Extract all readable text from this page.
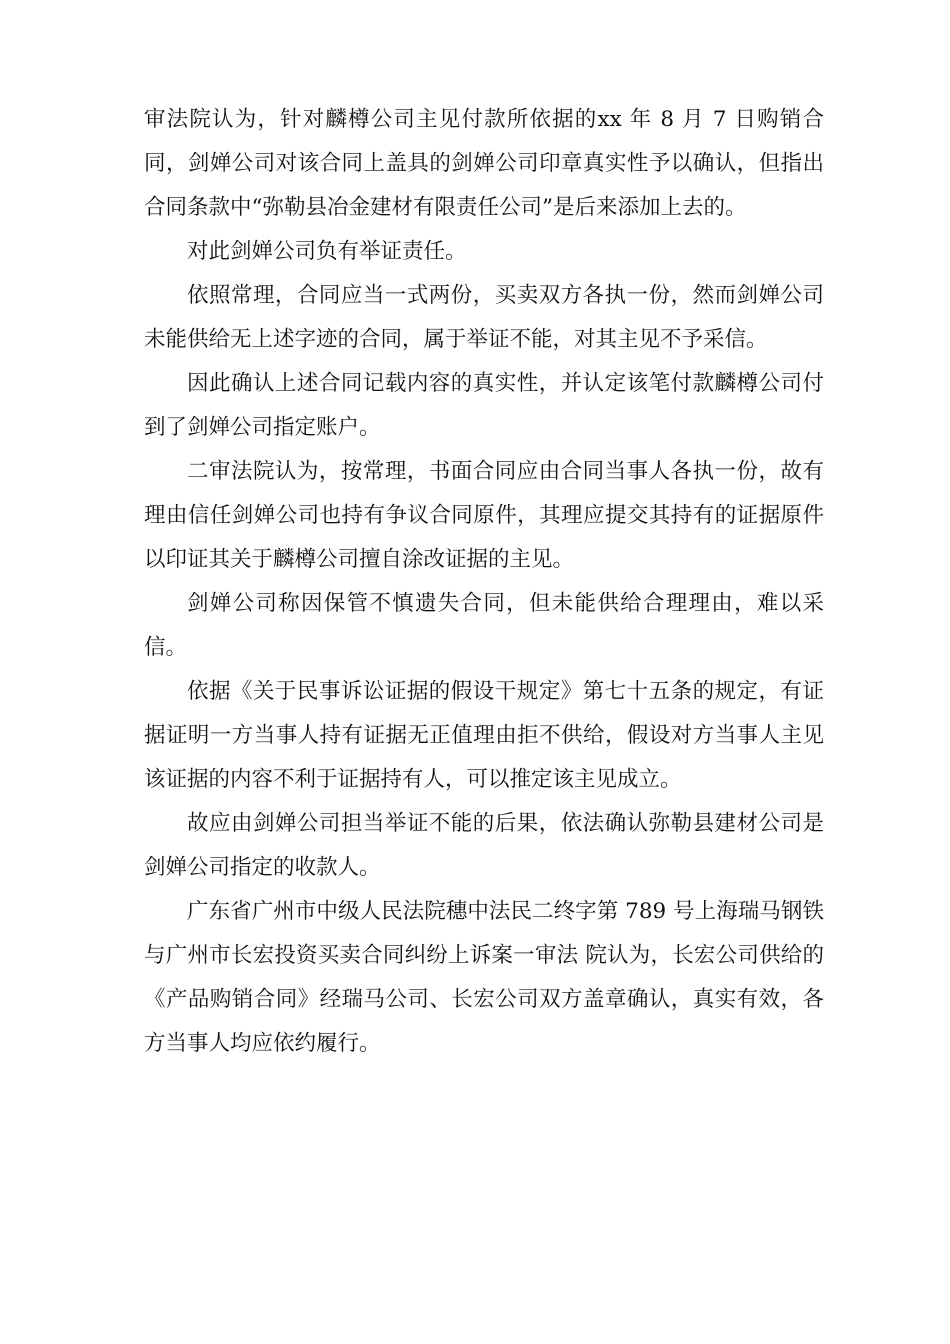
审法院认为，针对麟樽公司主见付款所依据的xx 年 8 月 7 日购销合同，剑婵公司对该合同上盖具的剑婵公司印章真实性予以确认，但指出合同条款中“弥勒县冶金建材有限责任公司”是后来添加上去的。

对此剑婵公司负有举证责任。

依照常理，合同应当一式两份，买卖双方各执一份，然而剑婵公司未能供给无上述字迹的合同，属于举证不能，对其主见不予采信。

因此确认上述合同记载内容的真实性，并认定该笔付款麟樽公司付到了剑婵公司指定账户。

二审法院认为，按常理，书面合同应由合同当事人各执一份，故有理由信任剑婵公司也持有争议合同原件，其理应提交其持有的证据原件以印证其关于麟樽公司擅自涂改证据的主见。

剑婵公司称因保管不慎遗失合同，但未能供给合理理由，难以采信。

依据《关于民事诉讼证据的假设干规定》第七十五条的规定，有证据证明一方当事人持有证据无正值理由拒不供给，假设对方当事人主见该证据的内容不利于证据持有人，可以推定该主见成立。

故应由剑婵公司担当举证不能的后果，依法确认弥勒县建材公司是剑婵公司指定的收款人。

广东省广州市中级人民法院穗中法民二终字第 789 号上海瑞马钢铁与广州市长宏投资买卖合同纠纷上诉案一审法 院认为，长宏公司供给的《产品购销合同》经瑞马公司、长宏公司双方盖章确认，真实有效，各方当事人均应依约履行。
